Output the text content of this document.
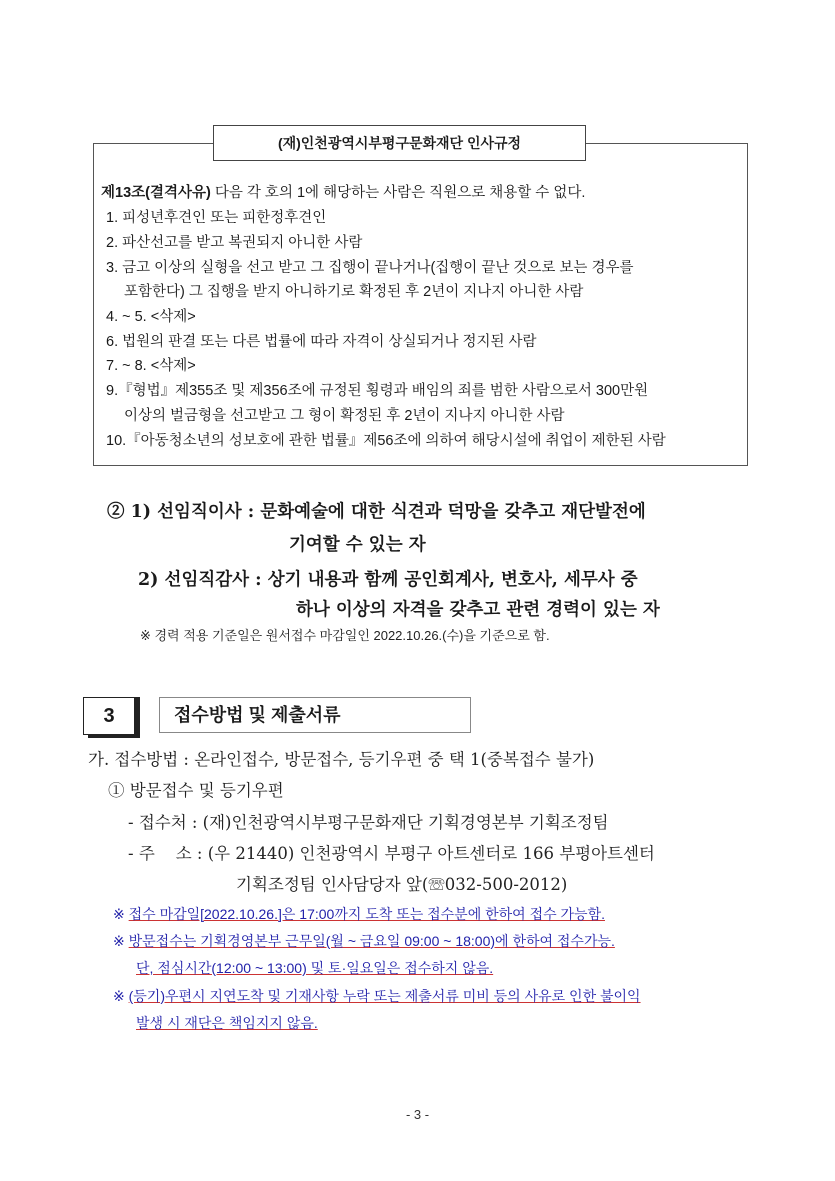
(재)인천광역시부평구문화재단 인사규정
제13조(결격사유) 다음 각 호의 1에 해당하는 사람은 직원으로 채용할 수 없다.
1. 피성년후견인 또는 피한정후견인
2. 파산선고를 받고 복권되지 아니한 사람
3. 금고 이상의 실형을 선고 받고 그 집행이 끝나거나(집행이 끝난 것으로 보는 경우를
포함한다) 그 집행을 받지 아니하기로 확정된 후 2년이 지나지 아니한 사람
4. ~ 5. <삭제>
6. 법원의 판결 또는 다른 법률에 따라 자격이 상실되거나 정지된 사람
7. ~ 8. <삭제>
9.『형법』제355조 및 제356조에 규정된 횡령과 배임의 죄를 범한 사람으로서 300만원
이상의 벌금형을 선고받고 그 형이 확정된 후 2년이 지나지 아니한 사람
10.『아동청소년의 성보호에 관한 법률』제56조에 의하여 해당시설에 취업이 제한된 사람
② 1) 선임직이사 : 문화예술에 대한 식견과 덕망을 갖추고 재단발전에
기여할 수 있는 자
2) 선임직감사 : 상기 내용과 함께 공인회계사, 변호사, 세무사 중
하나 이상의 자격을 갖추고 관련 경력이 있는 자
※ 경력 적용 기준일은 원서접수 마감일인 2022.10.26.(수)을 기준으로 함.
3	접수방법 및 제출서류
가. 접수방법 : 온라인접수, 방문접수, 등기우편 중 택 1(중복접수 불가)
① 방문접수 및 등기우편
- 접수처 : (재)인천광역시부평구문화재단 기획경영본부 기획조정팀
- 주    소 : (우 21440) 인천광역시 부평구 아트센터로 166 부평아트센터
기획조정팀 인사담당자 앞(☏032-500-2012)
※ 접수 마감일[2022.10.26.]은 17:00까지 도착 또는 접수분에 한하여 접수 가능함.
※ 방문접수는 기획경영본부 근무일(월 ~ 금요일 09:00 ~ 18:00)에 한하여 접수가능.
단, 점심시간(12:00 ~ 13:00) 및 토·일요일은 접수하지 않음.
※ (등기)우편시 지연도착 및 기재사항 누락 또는 제출서류 미비 등의 사유로 인한 불이익
발생 시 재단은 책임지지 않음.
- 3 -
